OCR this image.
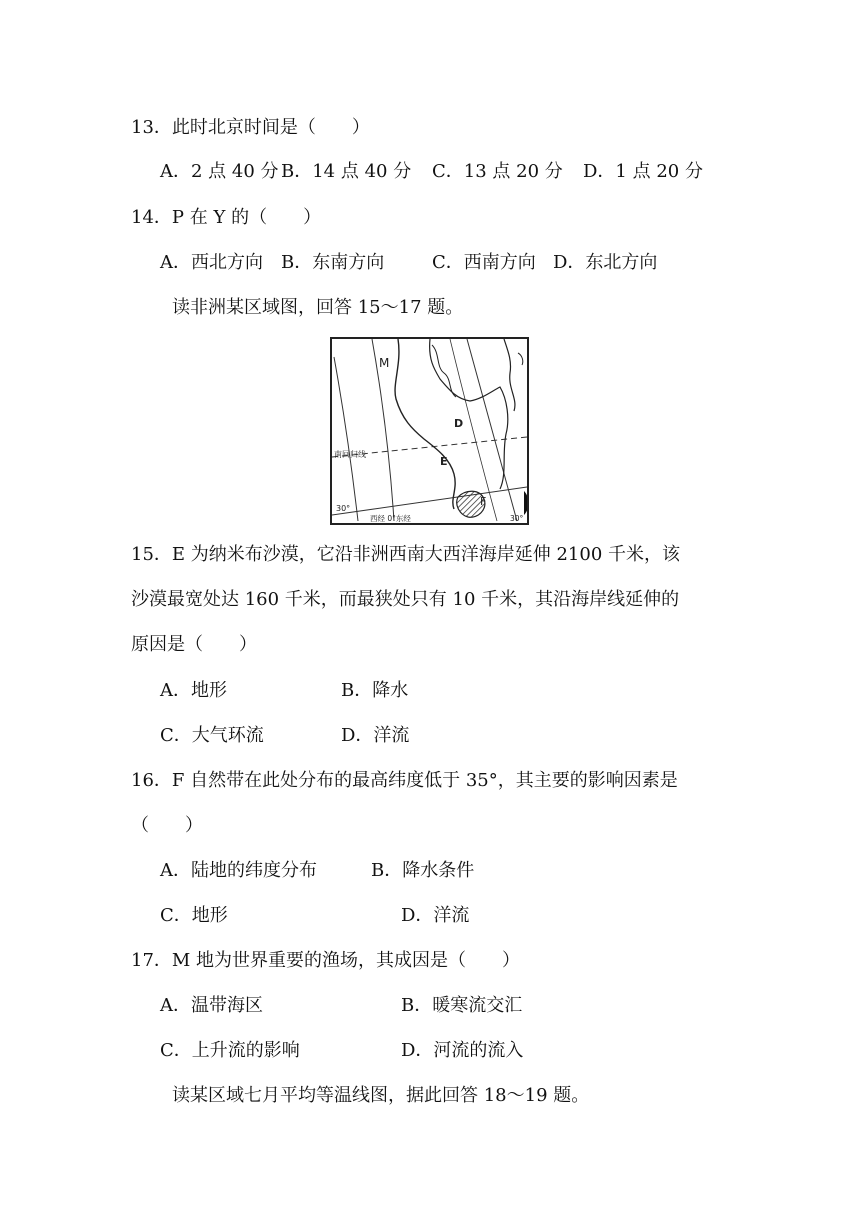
13．此时北京时间是（　　）
A．2 点 40 分 B．14 点 40 分 C．13 点 20 分 D．1 点 20 分
14．P 在 Y 的（　　）
A．西北方向 B．东南方向	C．西南方向 D．东北方向
读非洲某区域图，回答 15～17 题。
M
D
E
F
南回归线
30°
西经 0°东经	30°
15．E 为纳米布沙漠，它沿非洲西南大西洋海岸延伸 2100 千米，该
沙漠最宽处达 160 千米，而最狭处只有 10 千米，其沿海岸线延伸的
原因是（　　）
A．地形	B．降水
C．大气环流	D．洋流
16．F 自然带在此处分布的最高纬度低于 35°，其主要的影响因素是
（　　）
A．陆地的纬度分布	B．降水条件
C．地形	D．洋流
17．M 地为世界重要的渔场，其成因是（　　）
A．温带海区	B．暖寒流交汇
C．上升流的影响	D．河流的流入
读某区域七月平均等温线图，据此回答 18～19 题。
